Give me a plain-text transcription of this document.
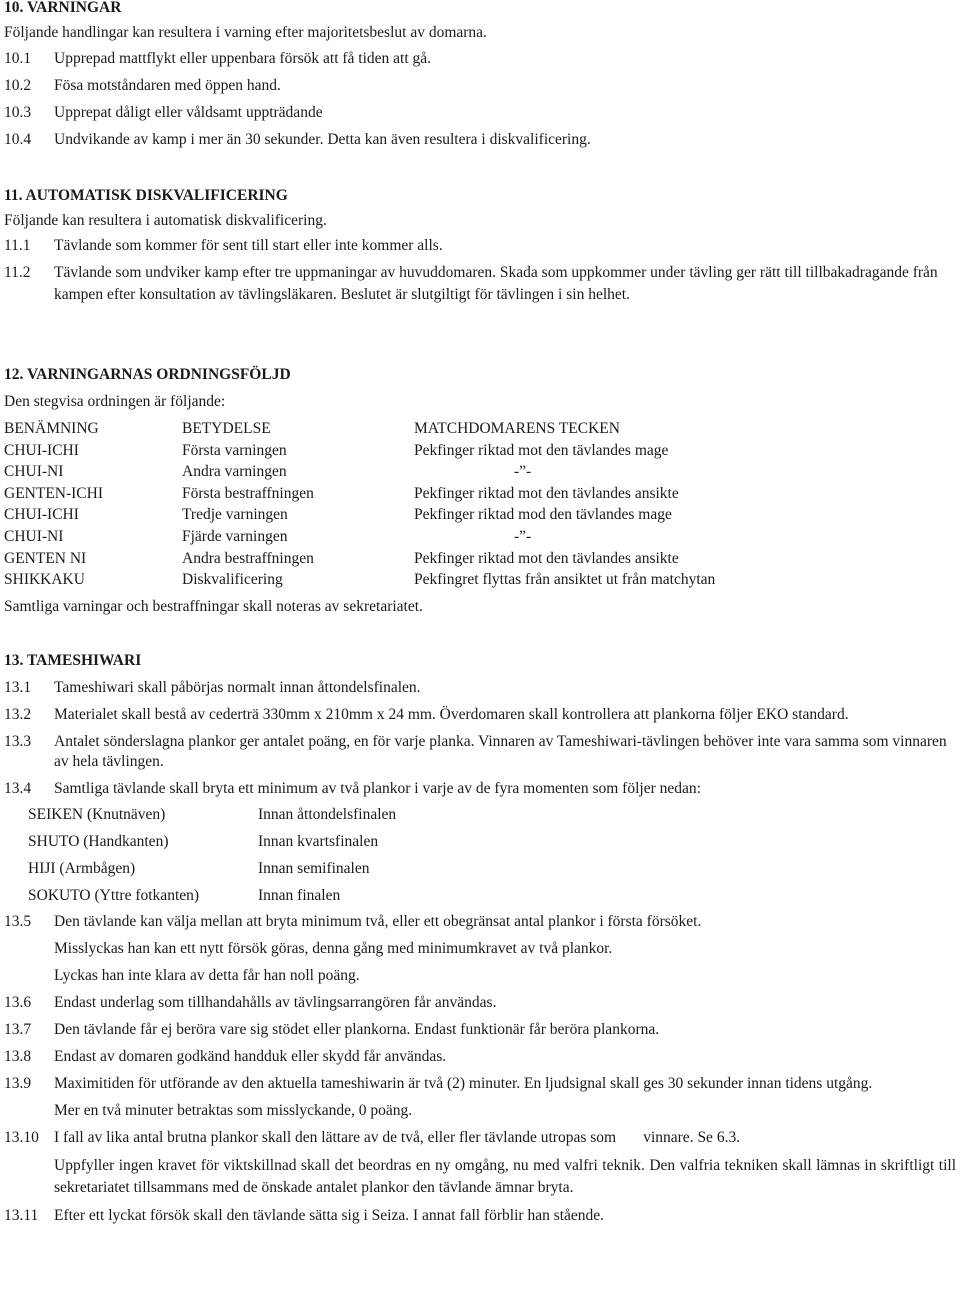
10. VARNINGAR

Följande handlingar kan resultera i varning efter majoritetsbeslut av domarna.

10.1	Upprepad mattflykt eller uppenbara försök att få tiden att gå.
10.2	Fösa motståndaren med öppen hand.
10.3	Upprepat dåligt eller våldsamt uppträdande
10.4	Undvikande av kamp i mer än 30 sekunder. Detta kan även resultera i diskvalificering.

11. AUTOMATISK DISKVALIFICERING

Följande kan resultera i automatisk diskvalificering.

11.1	Tävlande som kommer för sent till start eller inte kommer alls.
11.2	Tävlande som undviker kamp efter tre uppmaningar av huvuddomaren. Skada som uppkommer under tävling ger rätt till tillbakadragande från kampen efter konsultation av tävlingsläkaren. Beslutet är slutgiltigt för tävlingen i sin helhet.

12. VARNINGARNAS ORDNINGSFÖLJD

Den stegvisa ordningen är följande:

BENÄMNING	BETYDELSE	MATCHDOMARENS TECKEN
CHUI-ICHI	Första varningen	Pekfinger riktad mot den tävlandes mage
CHUI-NI	Andra varningen	-”-
GENTEN-ICHI	Första bestraffningen	Pekfinger riktad mot den tävlandes ansikte
CHUI-ICHI	Tredje varningen	Pekfinger riktad mod den tävlandes mage
CHUI-NI	Fjärde varningen	-”-
GENTEN NI	Andra bestraffningen	Pekfinger riktad mot den tävlandes ansikte
SHIKKAKU	Diskvalificering	Pekfingret flyttas från ansiktet ut från matchytan

Samtliga varningar och bestraffningar skall noteras av sekretariatet.

13. TAMESHIWARI

13.1	Tameshiwari skall påbörjas normalt innan åttondelsfinalen.
13.2	Materialet skall bestå av cederträ 330mm x 210mm x 24 mm. Överdomaren skall kontrollera att plankorna följer EKO standard.
13.3	Antalet sönderslagna plankor ger antalet poäng, en för varje planka. Vinnaren av Tameshiwari-tävlingen behöver inte vara samma som vinnaren av hela tävlingen.
13.4	Samtliga tävlande skall bryta ett minimum av två plankor i varje av de fyra momenten som följer nedan:
SEIKEN (Knutnäven)	Innan åttondelsfinalen
SHUTO (Handkanten)	Innan kvartsfinalen
HIJI (Armbågen)	Innan semifinalen
SOKUTO (Yttre fotkanten)	Innan finalen
13.5	Den tävlande kan välja mellan att bryta minimum två, eller ett obegränsat antal plankor i första försöket.

Misslyckas han kan ett nytt försök göras, denna gång med minimumkravet av två plankor.

Lyckas han inte klara av detta får han noll poäng.

13.6	Endast underlag som tillhandahålls av tävlingsarrangören får användas.
13.7	Den tävlande får ej beröra vare sig stödet eller plankorna. Endast funktionär får beröra plankorna.
13.8	Endast av domaren godkänd handduk eller skydd får användas.
13.9	Maximitiden för utförande av den aktuella tameshiwarin är två (2) minuter. En ljudsignal skall ges 30 sekunder innan tidens utgång.

Mer en två minuter betraktas som misslyckande, 0 poäng.

13.10 I fall av lika antal brutna plankor skall den lättare av de två, eller fler tävlande utropas som       vinnare. Se 6.3.

Uppfyller ingen kravet för viktskillnad skall det beordras en ny omgång, nu med valfri teknik. Den valfria tekniken skall lämnas in skriftligt till sekretariatet tillsammans med de önskade antalet plankor den tävlande ämnar bryta.

13.11	Efter ett lyckat försök skall den tävlande sätta sig i Seiza. I annat fall förblir han stående.
